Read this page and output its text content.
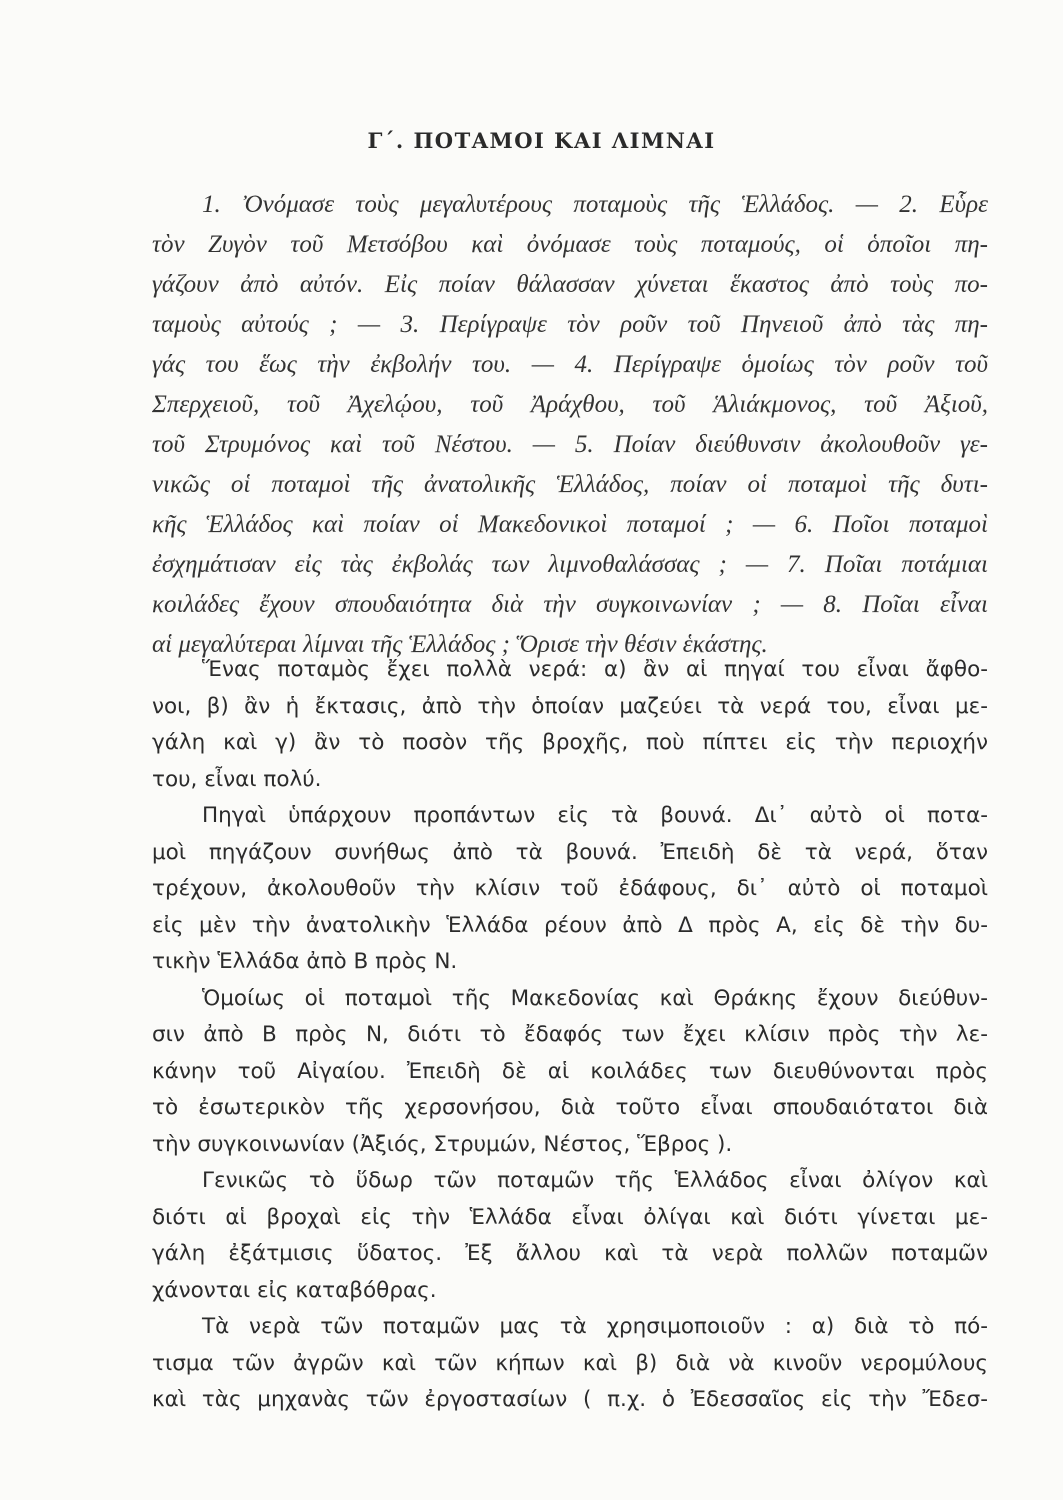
Γ΄. ΠΟΤΑΜΟΙ ΚΑΙ ΛΙΜΝΑΙ
1. Ὀνόμασε τοὺς μεγαλυτέρους ποταμοὺς τῆς Ἑλλάδος. — 2. Εὗρε
τὸν Ζυγὸν τοῦ Μετσόβου καὶ ὀνόμασε τοὺς ποταμούς, οἱ ὁποῖοι πη-
γάζουν ἀπὸ αὐτόν. Εἰς ποίαν θάλασσαν χύνεται ἕκαστος ἀπὸ τοὺς πο-
ταμοὺς αὐτούς ; — 3. Περίγραψε τὸν ροῦν τοῦ Πηνειοῦ ἀπὸ τὰς πη-
γάς του ἕως τὴν ἐκβολήν του. — 4. Περίγραψε ὁμοίως τὸν ροῦν τοῦ
Σπερχειοῦ, τοῦ Ἀχελῴου, τοῦ Ἀράχθου, τοῦ Ἁλιάκμονος, τοῦ Ἀξιοῦ,
τοῦ Στρυμόνος καὶ τοῦ Νέστου. — 5. Ποίαν διεύθυνσιν ἀκολουθοῦν γε-
νικῶς οἱ ποταμοὶ τῆς ἀνατολικῆς Ἑλλάδος, ποίαν οἱ ποταμοὶ τῆς δυτι-
κῆς Ἑλλάδος καὶ ποίαν οἱ Μακεδονικοὶ ποταμοί ; — 6. Ποῖοι ποταμοὶ
ἐσχημάτισαν εἰς τὰς ἐκβολάς των λιμνοθαλάσσας ; — 7. Ποῖαι ποτάμιαι
κοιλάδες ἔχουν σπουδαιότητα διὰ τὴν συγκοινωνίαν ; — 8. Ποῖαι εἶναι
αἱ μεγαλύτεραι λίμναι τῆς Ἑλλάδος ; Ὅρισε τὴν θέσιν ἑκάστης.
Ἕνας ποταμὸς ἔχει πολλὰ νερά: α) ἂν αἱ πηγαί του εἶναι ἄφθο-
νοι, β) ἂν ἡ ἔκτασις, ἀπὸ τὴν ὁποίαν μαζεύει τὰ νερά του, εἶναι με-
γάλη καὶ γ) ἂν τὸ ποσὸν τῆς βροχῆς, ποὺ πίπτει εἰς τὴν περιοχήν
του, εἶναι πολύ.
Πηγαὶ ὑπάρχουν προπάντων εἰς τὰ βουνά. Δι᾽ αὐτὸ οἱ ποτα-
μοὶ πηγάζουν συνήθως ἀπὸ τὰ βουνά. Ἐπειδὴ δὲ τὰ νερά, ὅταν
τρέχουν, ἀκολουθοῦν τὴν κλίσιν τοῦ ἐδάφους, δι᾽ αὐτὸ οἱ ποταμοὶ
εἰς μὲν τὴν ἀνατολικὴν Ἑλλάδα ρέουν ἀπὸ Δ πρὸς Α, εἰς δὲ τὴν δυ-
τικὴν Ἑλλάδα ἀπὸ Β πρὸς Ν.
Ὁμοίως οἱ ποταμοὶ τῆς Μακεδονίας καὶ Θράκης ἔχουν διεύθυν-
σιν ἀπὸ Β πρὸς Ν, διότι τὸ ἔδαφός των ἔχει κλίσιν πρὸς τὴν λε-
κάνην τοῦ Αἰγαίου. Ἐπειδὴ δὲ αἱ κοιλάδες των διευθύνονται πρὸς
τὸ ἐσωτερικὸν τῆς χερσονήσου, διὰ τοῦτο εἶναι σπουδαιότατοι διὰ
τὴν συγκοινωνίαν (Ἀξιός, Στρυμών, Νέστος, Ἕβρος ).
Γενικῶς τὸ ὕδωρ τῶν ποταμῶν τῆς Ἑλλάδος εἶναι ὀλίγον καὶ
διότι αἱ βροχαὶ εἰς τὴν Ἑλλάδα εἶναι ὀλίγαι καὶ διότι γίνεται με-
γάλη ἐξάτμισις ὕδατος. Ἐξ ἄλλου καὶ τὰ νερὰ πολλῶν ποταμῶν
χάνονται εἰς καταβόθρας.
Τὰ νερὰ τῶν ποταμῶν μας τὰ χρησιμοποιοῦν : α) διὰ τὸ πό-
τισμα τῶν ἀγρῶν καὶ τῶν κήπων καὶ β) διὰ νὰ κινοῦν νερομύλους
καὶ τὰς μηχανὰς τῶν ἐργοστασίων ( π.χ. ὁ Ἐδεσσαῖος εἰς τὴν Ἔδεσ-
